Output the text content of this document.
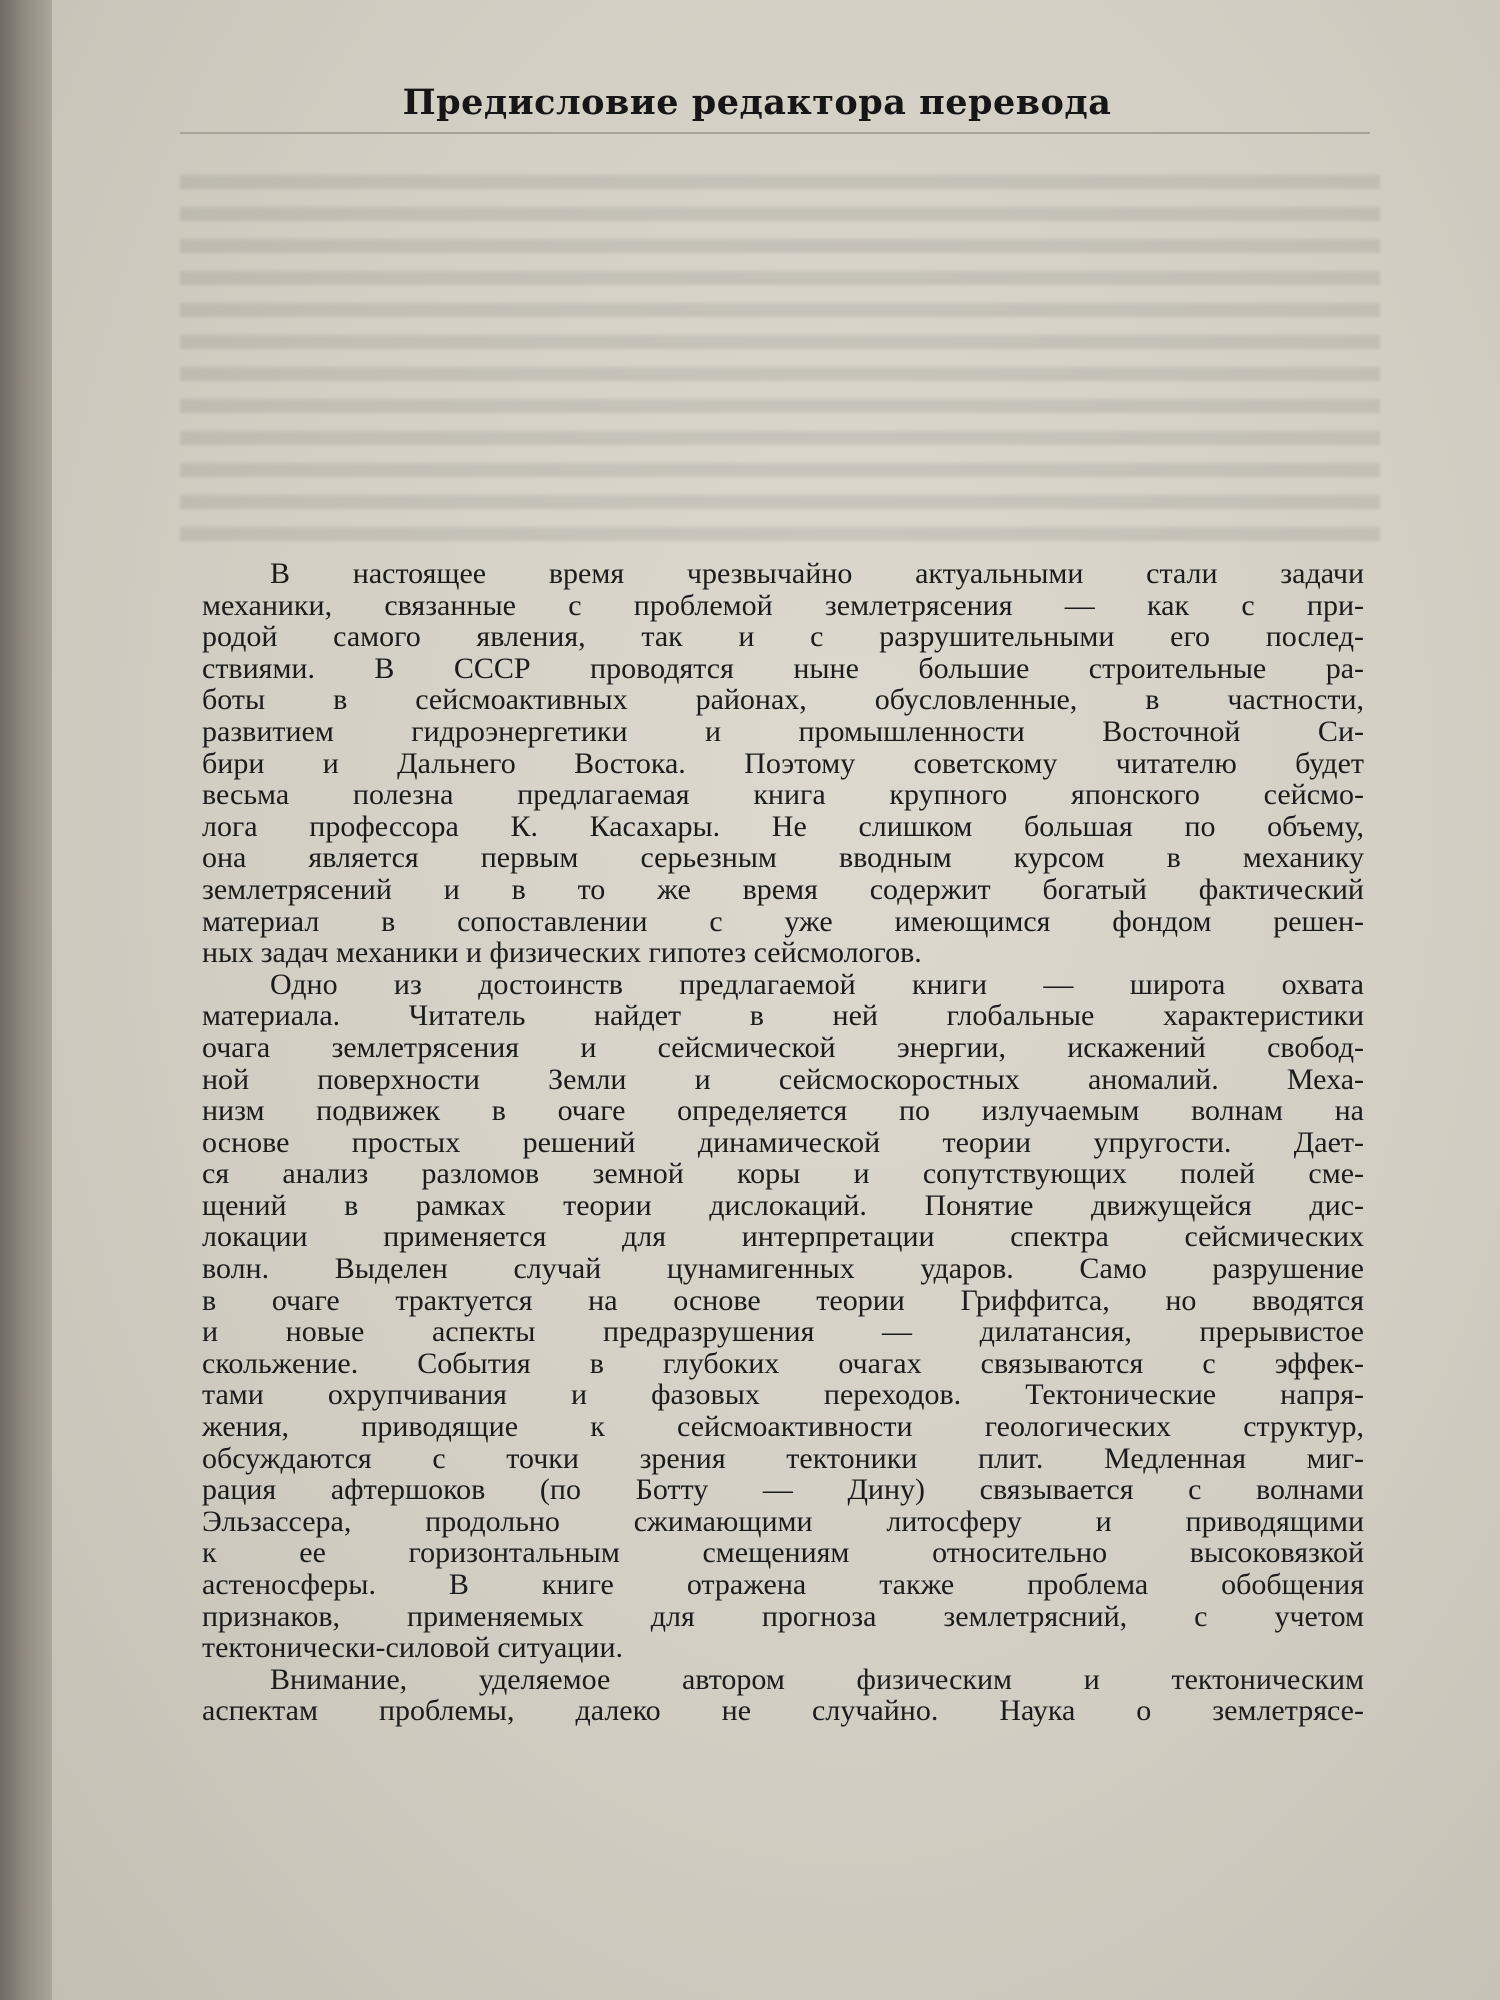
Предисловие редактора перевода

В настоящее время чрезвычайно актуальными стали задачи
механики, связанные с проблемой землетрясения — как с при-
родой самого явления, так и с разрушительными его послед-
ствиями. В СССР проводятся ныне большие строительные ра-
боты в сейсмоактивных районах, обусловленные, в частности,
развитием гидроэнергетики и промышленности Восточной Си-
бири и Дальнего Востока. Поэтому советскому читателю будет
весьма полезна предлагаемая книга крупного японского сейсмо-
лога профессора К. Касахары. Не слишком большая по объему,
она является первым серьезным вводным курсом в механику
землетрясений и в то же время содержит богатый фактический
материал в сопоставлении с уже имеющимся фондом решен-
ных задач механики и физических гипотез сейсмологов.

Одно из достоинств предлагаемой книги — широта охвата
материала. Читатель найдет в ней глобальные характеристики
очага землетрясения и сейсмической энергии, искажений свобод-
ной поверхности Земли и сейсмоскоростных аномалий. Меха-
низм подвижек в очаге определяется по излучаемым волнам на
основе простых решений динамической теории упругости. Дает-
ся анализ разломов земной коры и сопутствующих полей сме-
щений в рамках теории дислокаций. Понятие движущейся дис-
локации применяется для интерпретации спектра сейсмических
волн. Выделен случай цунамигенных ударов. Само разрушение
в очаге трактуется на основе теории Гриффитса, но вводятся
и новые аспекты предразрушения — дилатансия, прерывистое
скольжение. События в глубоких очагах связываются с эффек-
тами охрупчивания и фазовых переходов. Тектонические напря-
жения, приводящие к сейсмоактивности геологических структур,
обсуждаются с точки зрения тектоники плит. Медленная миг-
рация афтершоков (по Ботту — Дину) связывается с волнами
Эльзассера, продольно сжимающими литосферу и приводящими
к ее горизонтальным смещениям относительно высоковязкой
астеносферы. В книге отражена также проблема обобщения
признаков, применяемых для прогноза землетрясний, с учетом
тектонически-силовой ситуации.

Внимание, уделяемое автором физическим и тектоническим
аспектам проблемы, далеко не случайно. Наука о землетрясе-
